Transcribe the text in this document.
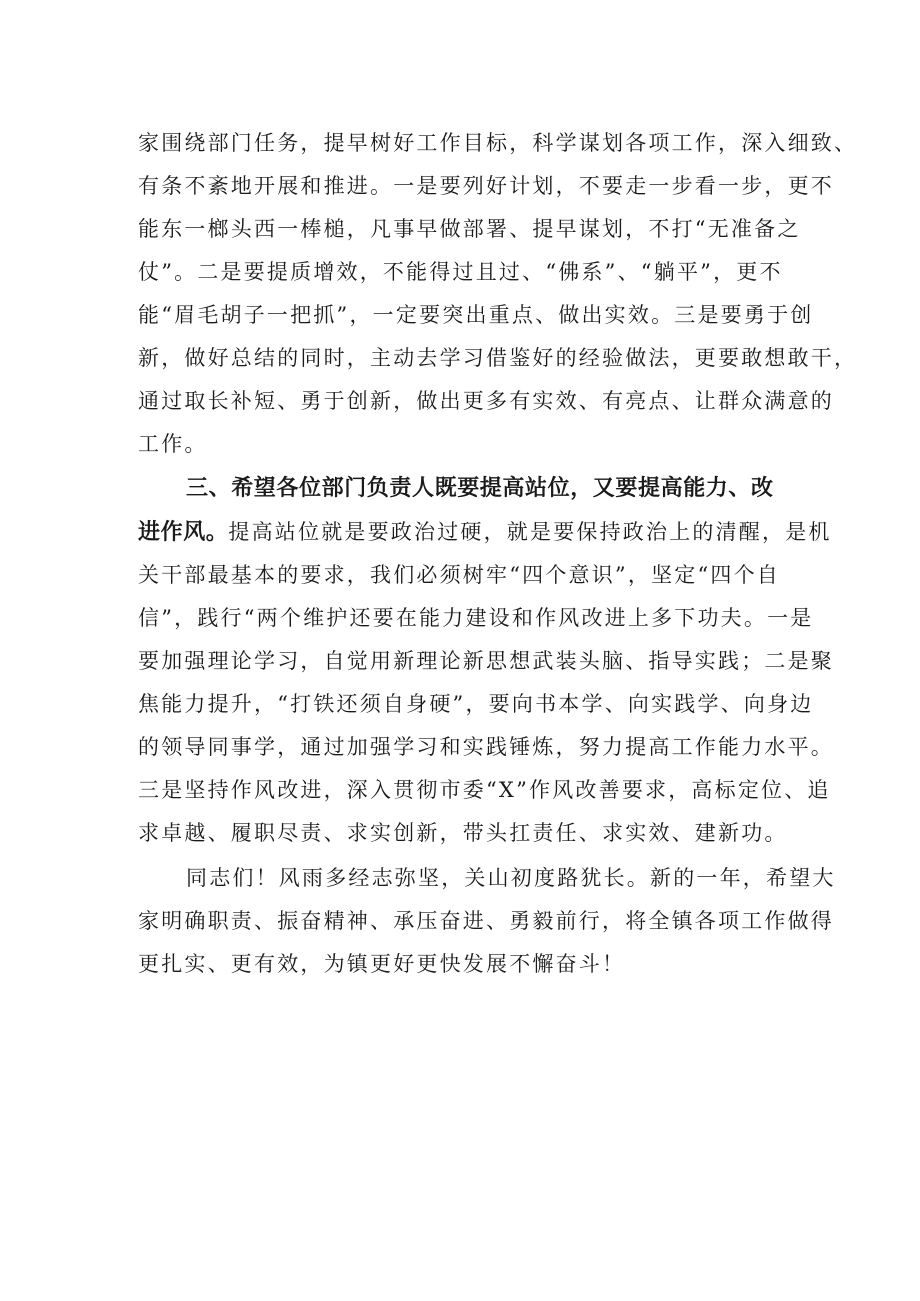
家围绕部门任务，提早树好工作目标，科学谋划各项工作，深入细致、
有条不紊地开展和推进。一是要列好计划，不要走一步看一步，更不
能东一榔头西一棒槌，凡事早做部署、提早谋划，不打“无准备之
仗”。二是要提质增效，不能得过且过、“佛系”、“躺平”，更不
能“眉毛胡子一把抓”，一定要突出重点、做出实效。三是要勇于创
新，做好总结的同时，主动去学习借鉴好的经验做法，更要敢想敢干，
通过取长补短、勇于创新，做出更多有实效、有亮点、让群众满意的
工作。
三、希望各位部门负责人既要提高站位，又要提高能力、改
进作风。提高站位就是要政治过硬，就是要保持政治上的清醒，是机
关干部最基本的要求，我们必须树牢“四个意识”，坚定“四个自
信”，践行“两个维护还要在能力建设和作风改进上多下功夫。一是
要加强理论学习，自觉用新理论新思想武装头脑、指导实践；二是聚
焦能力提升，“打铁还须自身硬”，要向书本学、向实践学、向身边
的领导同事学，通过加强学习和实践锤炼，努力提高工作能力水平。
三是坚持作风改进，深入贯彻市委“X”作风改善要求，高标定位、追
求卓越、履职尽责、求实创新，带头扛责任、求实效、建新功。
同志们！风雨多经志弥坚，关山初度路犹长。新的一年，希望大
家明确职责、振奋精神、承压奋进、勇毅前行，将全镇各项工作做得
更扎实、更有效，为镇更好更快发展不懈奋斗！
